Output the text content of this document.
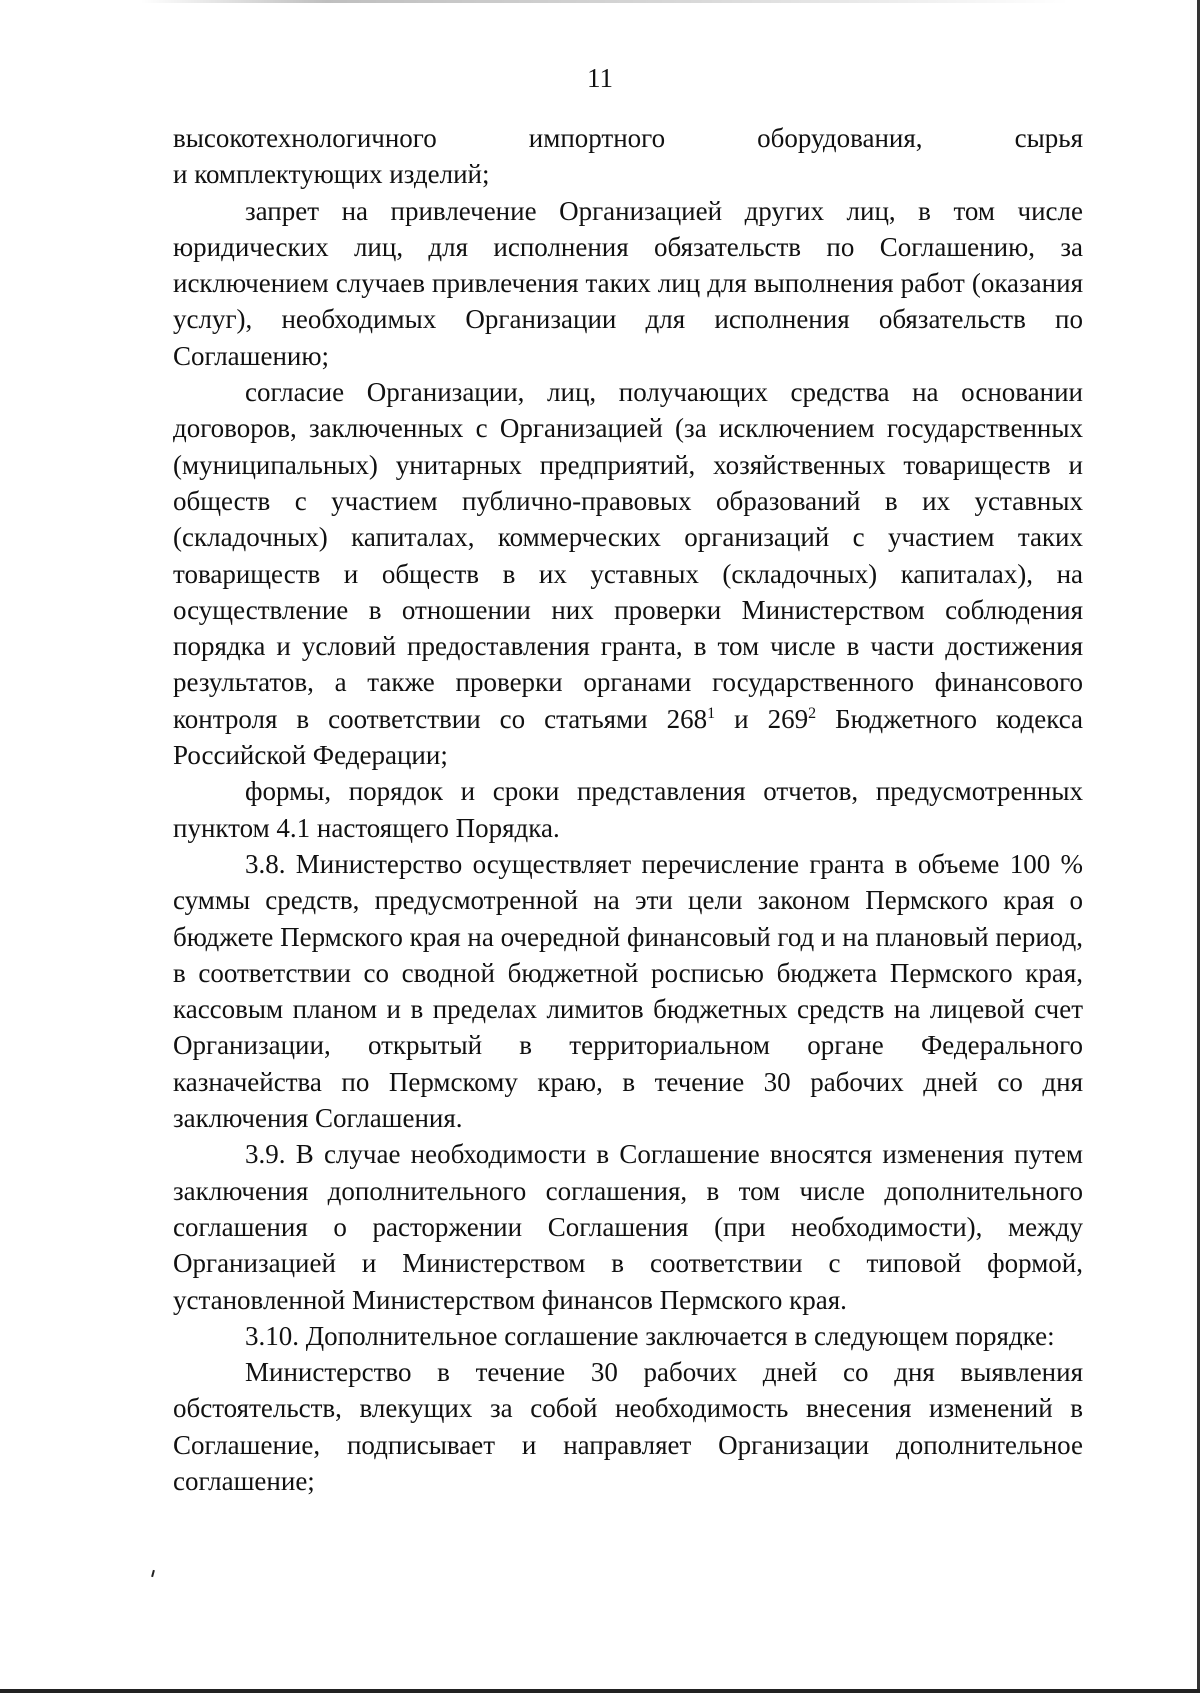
11

высокотехнологичного импортного оборудования, сырья
и комплектующих изделий;

запрет на привлечение Организацией других лиц, в том числе юридических лиц, для исполнения обязательств по Соглашению, за исключением случаев привлечения таких лиц для выполнения работ (оказания услуг), необходимых Организации для исполнения обязательств по Соглашению;

согласие Организации, лиц, получающих средства на основании договоров, заключенных с Организацией (за исключением государственных (муниципальных) унитарных предприятий, хозяйственных товариществ и обществ с участием публично-правовых образований в их уставных (складочных) капиталах, коммерческих организаций с участием таких товариществ и обществ в их уставных (складочных) капиталах), на осуществление в отношении них проверки Министерством соблюдения порядка и условий предоставления гранта, в том числе в части достижения результатов, а также проверки органами государственного финансового контроля в соответствии со статьями $268^1$ и $269^2$ Бюджетного кодекса Российской Федерации;

формы, порядок и сроки представления отчетов, предусмотренных пунктом 4.1 настоящего Порядка.

3.8. Министерство осуществляет перечисление гранта в объеме 100 % суммы средств, предусмотренной на эти цели законом Пермского края о бюджете Пермского края на очередной финансовый год и на плановый период, в соответствии со сводной бюджетной росписью бюджета Пермского края, кассовым планом и в пределах лимитов бюджетных средств на лицевой счет Организации, открытый в территориальном органе Федерального казначейства по Пермскому краю, в течение 30 рабочих дней со дня заключения Соглашения.

3.9. В случае необходимости в Соглашение вносятся изменения путем заключения дополнительного соглашения, в том числе дополнительного соглашения о расторжении Соглашения (при необходимости), между Организацией и Министерством в соответствии с типовой формой, установленной Министерством финансов Пермского края.

3.10. Дополнительное соглашение заключается в следующем порядке:

Министерство в течение 30 рабочих дней со дня выявления обстоятельств, влекущих за собой необходимость внесения изменений в Соглашение, подписывает и направляет Организации дополнительное соглашение;
